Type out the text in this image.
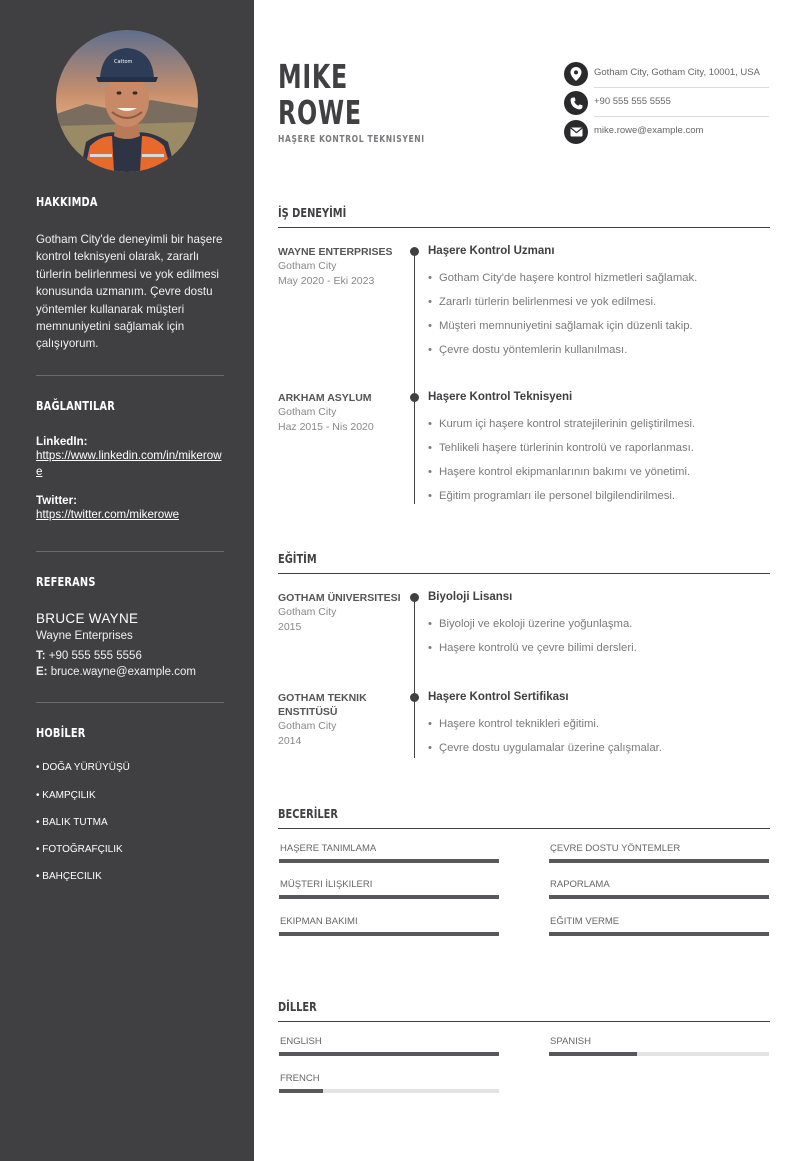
Cattom
HAKKIMDA
Gotham City'de deneyimli bir haşere kontrol teknisyeni olarak, zararlı türlerin belirlenmesi ve yok edilmesi konusunda uzmanım. Çevre dostu yöntemler kullanarak müşteri memnuniyetini sağlamak için çalışıyorum.
BAĞLANTILAR
LinkedIn:
https://www.linkedin.com/in/mikerowe
Twitter:
https://twitter.com/mikerowe
REFERANS
BRUCE WAYNE
Wayne Enterprises
T: +90 555 555 5556
E: bruce.wayne@example.com
HOBİLER
• DOĞA YÜRÜYÜŞÜ
• KAMPÇILIK
• BALIK TUTMA
• FOTOĞRAFÇILIK
• BAHÇECILIK
MIKE
ROWE
HAŞERE KONTROL TEKNISYENI
Gotham City, Gotham City, 10001, USA
+90 555 555 5555
mike.rowe@example.com
İŞ DENEYİMİ
WAYNE ENTERPRISES
Gotham City
May 2020 - Eki 2023
Haşere Kontrol Uzmanı
• Gotham City'de haşere kontrol hizmetleri sağlamak.
• Zararlı türlerin belirlenmesi ve yok edilmesi.
• Müşteri memnuniyetini sağlamak için düzenli takip.
• Çevre dostu yöntemlerin kullanılması.
ARKHAM ASYLUM
Gotham City
Haz 2015 - Nis 2020
Haşere Kontrol Teknisyeni
• Kurum içi haşere kontrol stratejilerinin geliştirilmesi.
• Tehlikeli haşere türlerinin kontrolü ve raporlanması.
• Haşere kontrol ekipmanlarının bakımı ve yönetimi.
• Eğitim programları ile personel bilgilendirilmesi.
EĞİTİM
GOTHAM ÜNIVERSITESI
Gotham City
2015
Biyoloji Lisansı
• Biyoloji ve ekoloji üzerine yoğunlaşma.
• Haşere kontrolü ve çevre bilimi dersleri.
GOTHAM TEKNIK ENSTITÜSÜ
Gotham City
2014
Haşere Kontrol Sertifikası
• Haşere kontrol teknikleri eğitimi.
• Çevre dostu uygulamalar üzerine çalışmalar.
BECERİLER
HAŞERE TANIMLAMA	ÇEVRE DOSTU YÖNTEMLER
MÜŞTERI İLIŞKILERI	RAPORLAMA
EKIPMAN BAKIMI	EĞITIM VERME
DİLLER
ENGLISH	SPANISH
FRENCH
